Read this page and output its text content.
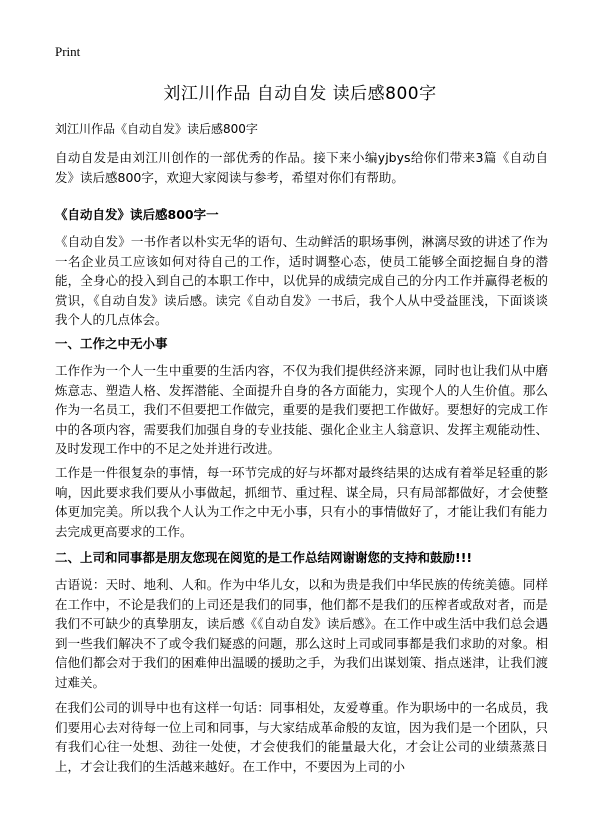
Print
刘江川作品 自动自发 读后感800字
刘江川作品《自动自发》读后感800字
自动自发是由刘江川创作的一部优秀的作品。接下来小编yjbys给你们带来3篇《自动自发》读后感800字，欢迎大家阅读与参考，希望对你们有帮助。
《自动自发》读后感800字一
《自动自发》一书作者以朴实无华的语句、生动鲜活的职场事例，淋漓尽致的讲述了作为一名企业员工应该如何对待自己的工作，适时调整心态，使员工能够全面挖掘自身的潜能，全身心的投入到自己的本职工作中，以优异的成绩完成自己的分内工作并赢得老板的赏识，《自动自发》读后感。读完《自动自发》一书后，我个人从中受益匪浅，下面谈谈我个人的几点体会。
一、工作之中无小事
工作作为一个人一生中重要的生活内容，不仅为我们提供经济来源，同时也让我们从中磨炼意志、塑造人格、发挥潜能、全面提升自身的各方面能力，实现个人的人生价值。那么作为一名员工，我们不但要把工作做完，重要的是我们要把工作做好。要想好的完成工作中的各项内容，需要我们加强自身的专业技能、强化企业主人翁意识、发挥主观能动性、及时发现工作中的不足之处并进行改进。
工作是一件很复杂的事情，每一环节完成的好与坏都对最终结果的达成有着举足轻重的影响，因此要求我们要从小事做起，抓细节、重过程、谋全局，只有局部都做好，才会使整体更加完美。所以我个人认为工作之中无小事，只有小的事情做好了，才能让我们有能力去完成更高要求的工作。
二、上司和同事都是朋友您现在阅览的是工作总结网谢谢您的支持和鼓励!!!
古语说：天时、地利、人和。作为中华儿女，以和为贵是我们中华民族的传统美德。同样在工作中，不论是我们的上司还是我们的同事，他们都不是我们的压榨者或敌对者，而是我们不可缺少的真挚朋友，读后感《《自动自发》读后感》。在工作中或生活中我们总会遇到一些我们解决不了或令我们疑惑的问题，那么这时上司或同事都是我们求助的对象。相信他们都会对于我们的困难伸出温暖的援助之手，为我们出谋划策、指点迷津，让我们渡过难关。
在我们公司的训导中也有这样一句话：同事相处，友爱尊重。作为职场中的一名成员，我们要用心去对待每一位上司和同事，与大家结成革命般的友谊，因为我们是一个团队，只有我们心往一处想、劲往一处使，才会使我们的能量最大化，才会让公司的业绩蒸蒸日上，才会让我们的生活越来越好。在工作中，不要因为上司的小
